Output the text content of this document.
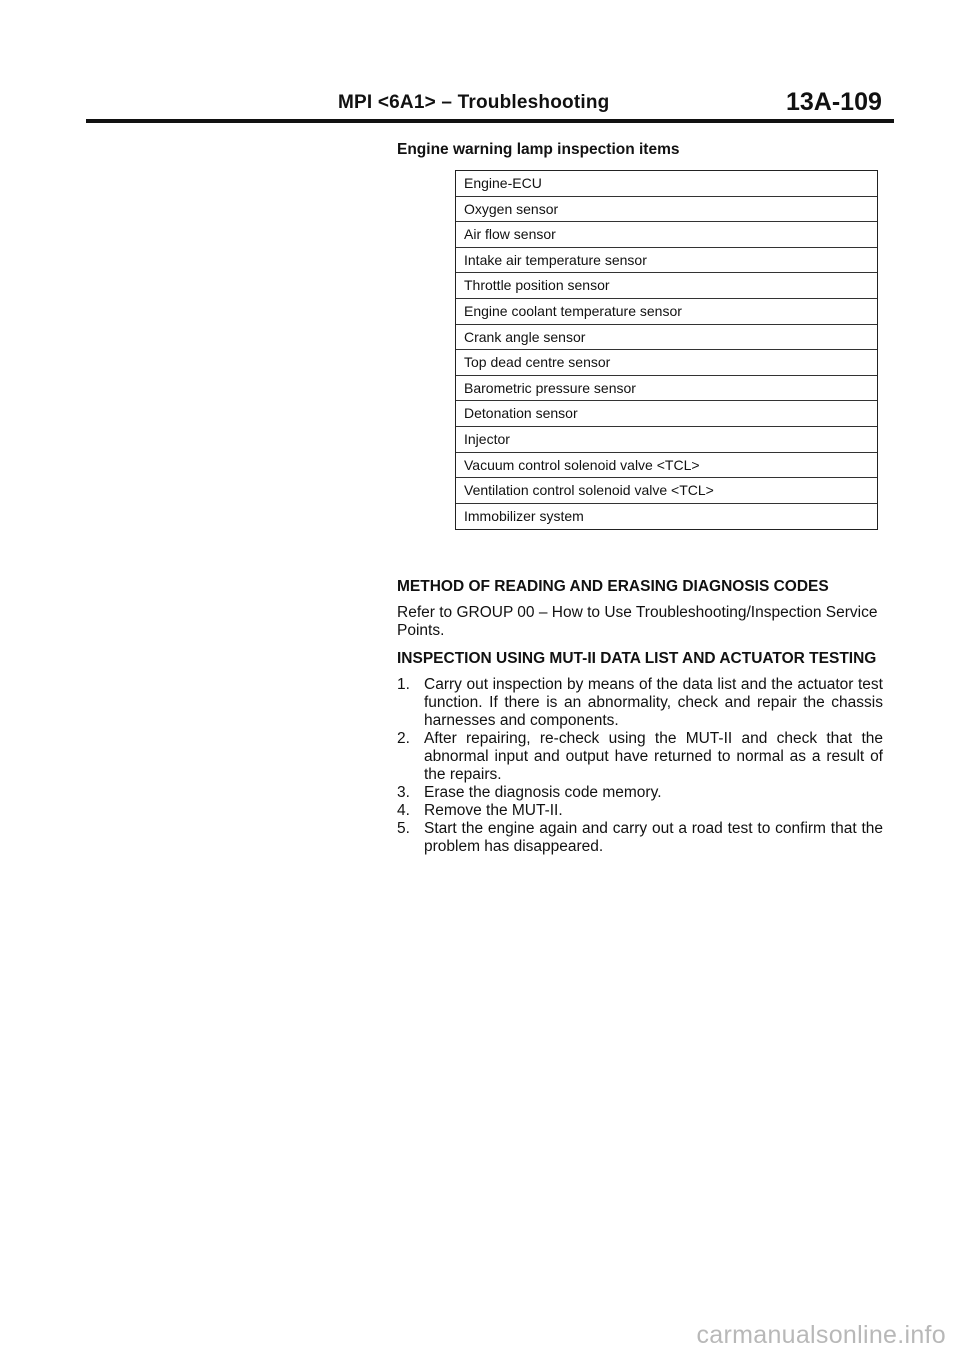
MPI <6A1> – Troubleshooting	13A-109
Engine warning lamp inspection items
Engine-ECU
Oxygen sensor
Air flow sensor
Intake air temperature sensor
Throttle position sensor
Engine coolant temperature sensor
Crank angle sensor
Top dead centre sensor
Barometric pressure sensor
Detonation sensor
Injector
Vacuum control solenoid valve <TCL>
Ventilation control solenoid valve <TCL>
Immobilizer system
METHOD OF READING AND ERASING DIAGNOSIS CODES
Refer to GROUP 00 – How to Use Troubleshooting/Inspection Service Points.
INSPECTION USING MUT-II DATA LIST AND ACTUATOR TESTING
1. Carry out inspection by means of the data list and the actuator test function. If there is an abnormality, check and repair the chassis harnesses and components.
2. After repairing, re-check using the MUT-II and check that the abnormal input and output have returned to normal as a result of the repairs.
3. Erase the diagnosis code memory.
4. Remove the MUT-II.
5. Start the engine again and carry out a road test to confirm that the problem has disappeared.
carmanualsonline.info
